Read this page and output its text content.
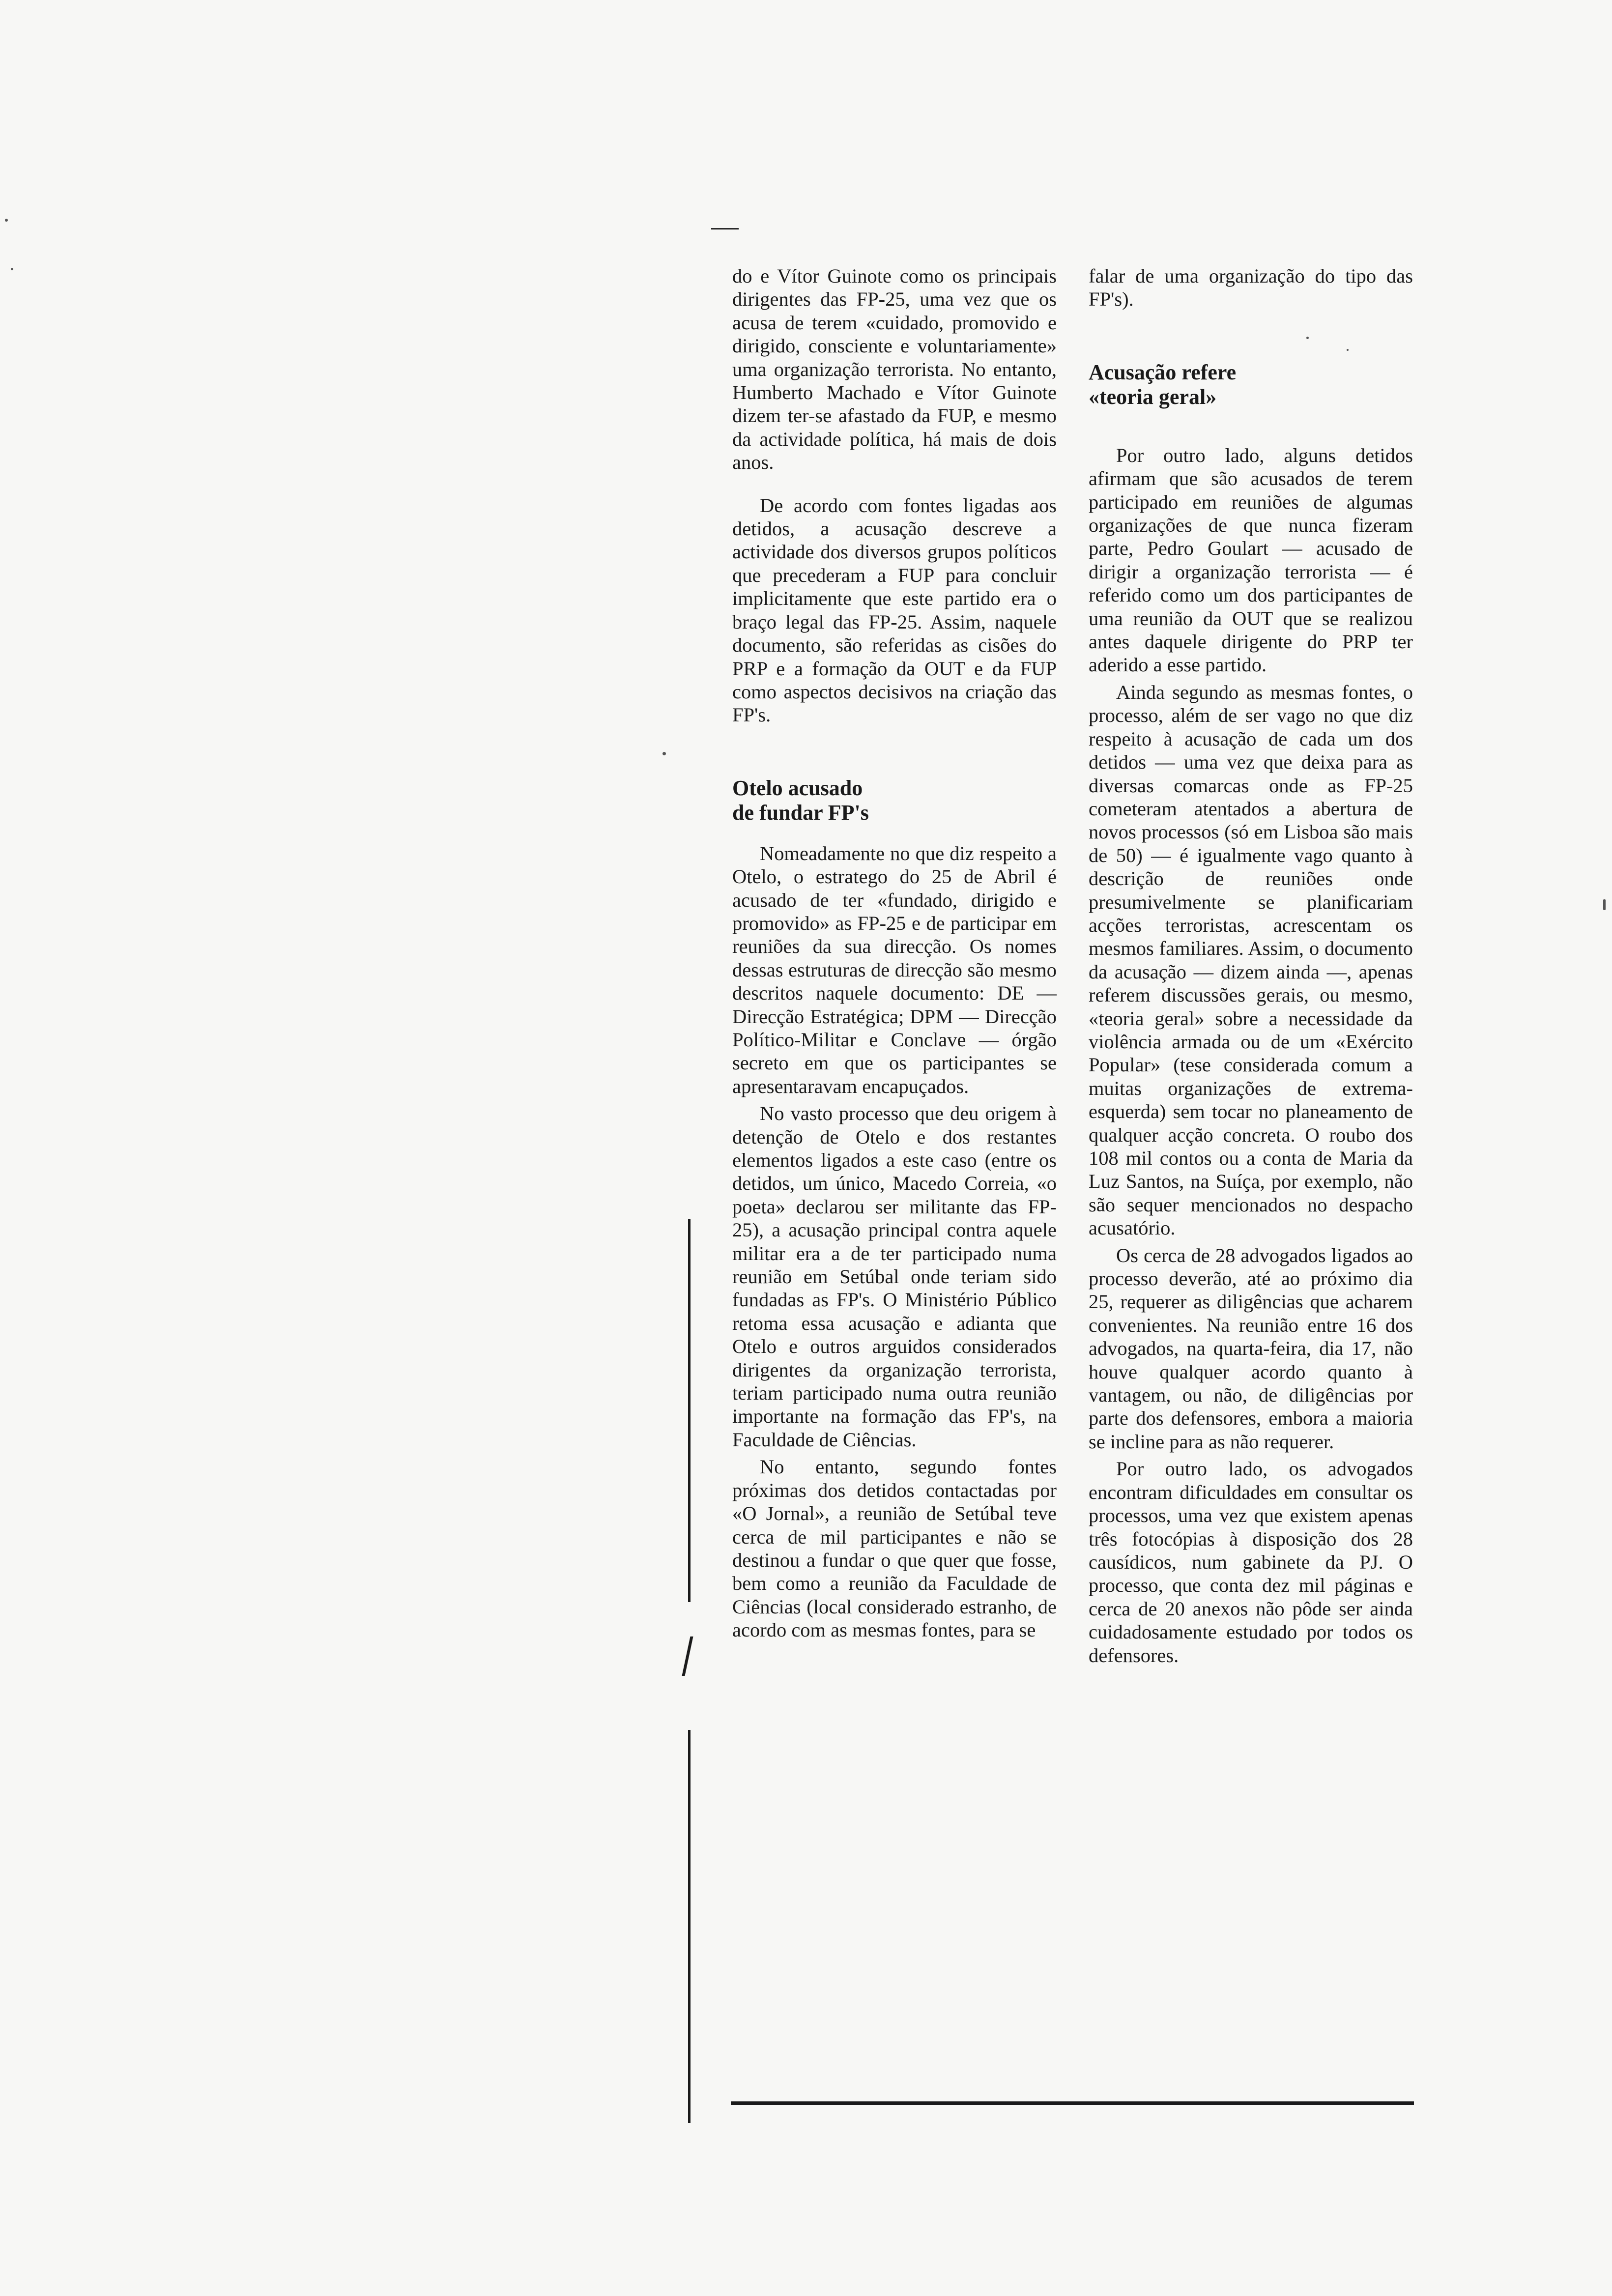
do e Vítor Guinote como os principais dirigentes das FP-25, uma vez que os acusa de terem «cuidado, promovido e dirigido, consciente e voluntariamente» uma organização terrorista. No entanto, Humberto Machado e Vítor Guinote dizem ter-se afastado da FUP, e mesmo da actividade política, há mais de dois anos.

De acordo com fontes ligadas aos detidos, a acusação descreve a actividade dos diversos grupos políticos que precederam a FUP para concluir implicitamente que este partido era o braço legal das FP-25. Assim, naquele documento, são referidas as cisões do PRP e a formação da OUT e da FUP como aspectos decisivos na criação das FP's.

Otelo acusado

de fundar FP's

Nomeadamente no que diz respeito a Otelo, o estratego do 25 de Abril é acusado de ter «fundado, dirigido e promovido» as FP-25 e de participar em reuniões da sua direcção. Os nomes dessas estruturas de direcção são mesmo descritos naquele documento: DE — Direcção Estratégica; DPM — Direcção Político-Militar e Conclave — órgão secreto em que os participantes se apresentaravam encapuçados.

No vasto processo que deu origem à detenção de Otelo e dos restantes elementos ligados a este caso (entre os detidos, um único, Macedo Correia, «o poeta» declarou ser militante das FP-25), a acusação principal contra aquele militar era a de ter participado numa reunião em Setúbal onde teriam sido fundadas as FP's. O Ministério Público retoma essa acusação e adianta que Otelo e outros arguidos considerados dirigentes da organização terrorista, teriam participado numa outra reunião importante na formação das FP's, na Faculdade de Ciências.

No entanto, segundo fontes próximas dos detidos contactadas por «O Jornal», a reunião de Setúbal teve cerca de mil participantes e não se destinou a fundar o que quer que fosse, bem como a reunião da Faculdade de Ciências (local considerado estranho, de acordo com as mesmas fontes, para se

falar de uma organização do tipo das FP's).

Acusação refere

«teoria geral»

Por outro lado, alguns detidos afirmam que são acusados de terem participado em reuniões de algumas organizações de que nunca fizeram parte, Pedro Goulart — acusado de dirigir a organização terrorista — é referido como um dos participantes de uma reunião da OUT que se realizou antes daquele dirigente do PRP ter aderido a esse partido.

Ainda segundo as mesmas fontes, o processo, além de ser vago no que diz respeito à acusação de cada um dos detidos — uma vez que deixa para as diversas comarcas onde as FP-25 cometeram atentados a abertura de novos processos (só em Lisboa são mais de 50) — é igualmente vago quanto à descrição de reuniões onde presumivelmente se planificariam acções terroristas, acrescentam os mesmos familiares. Assim, o documento da acusação — dizem ainda —, apenas referem discussões gerais, ou mesmo, «teoria geral» sobre a necessidade da violência armada ou de um «Exército Popular» (tese considerada comum a muitas organizações de extrema-esquerda) sem tocar no planeamento de qualquer acção concreta. O roubo dos 108 mil contos ou a conta de Maria da Luz Santos, na Suíça, por exemplo, não são sequer mencionados no despacho acusatório.

Os cerca de 28 advogados ligados ao processo deverão, até ao próximo dia 25, requerer as diligências que acharem convenientes. Na reunião entre 16 dos advogados, na quarta-feira, dia 17, não houve qualquer acordo quanto à vantagem, ou não, de diligências por parte dos defensores, embora a maioria se incline para as não requerer.

Por outro lado, os advogados encontram dificuldades em consultar os processos, uma vez que existem apenas três fotocópias à disposição dos 28 causídicos, num gabinete da PJ. O processo, que conta dez mil páginas e cerca de 20 anexos não pôde ser ainda cuidadosamente estudado por todos os defensores.
